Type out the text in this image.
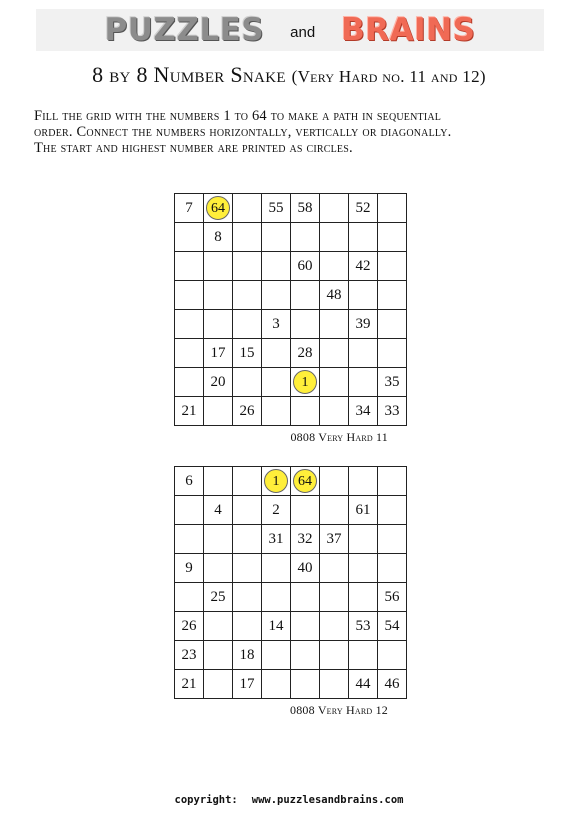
PUZZLES and BRAINS
8 by 8 Number Snake (Very Hard no. 11 and 12)
Fill the grid with the numbers 1 to 64 to make a path in sequential
order. Connect the numbers horizontally, vertically or diagonally.
The start and highest number are printed as circles.
7	64		55	58		52	
	8						
				60		42	
					48		
			3			39	
	17	15		28			
	20			1			35
21		26				34	33
0808 Very Hard 11
6			1	64			
	4		2			61	
			31	32	37		
9				40			
	25						56
26			14			53	54
23		18					
21		17				44	46
0808 Very Hard 12
copyright: www.puzzlesandbrains.com
